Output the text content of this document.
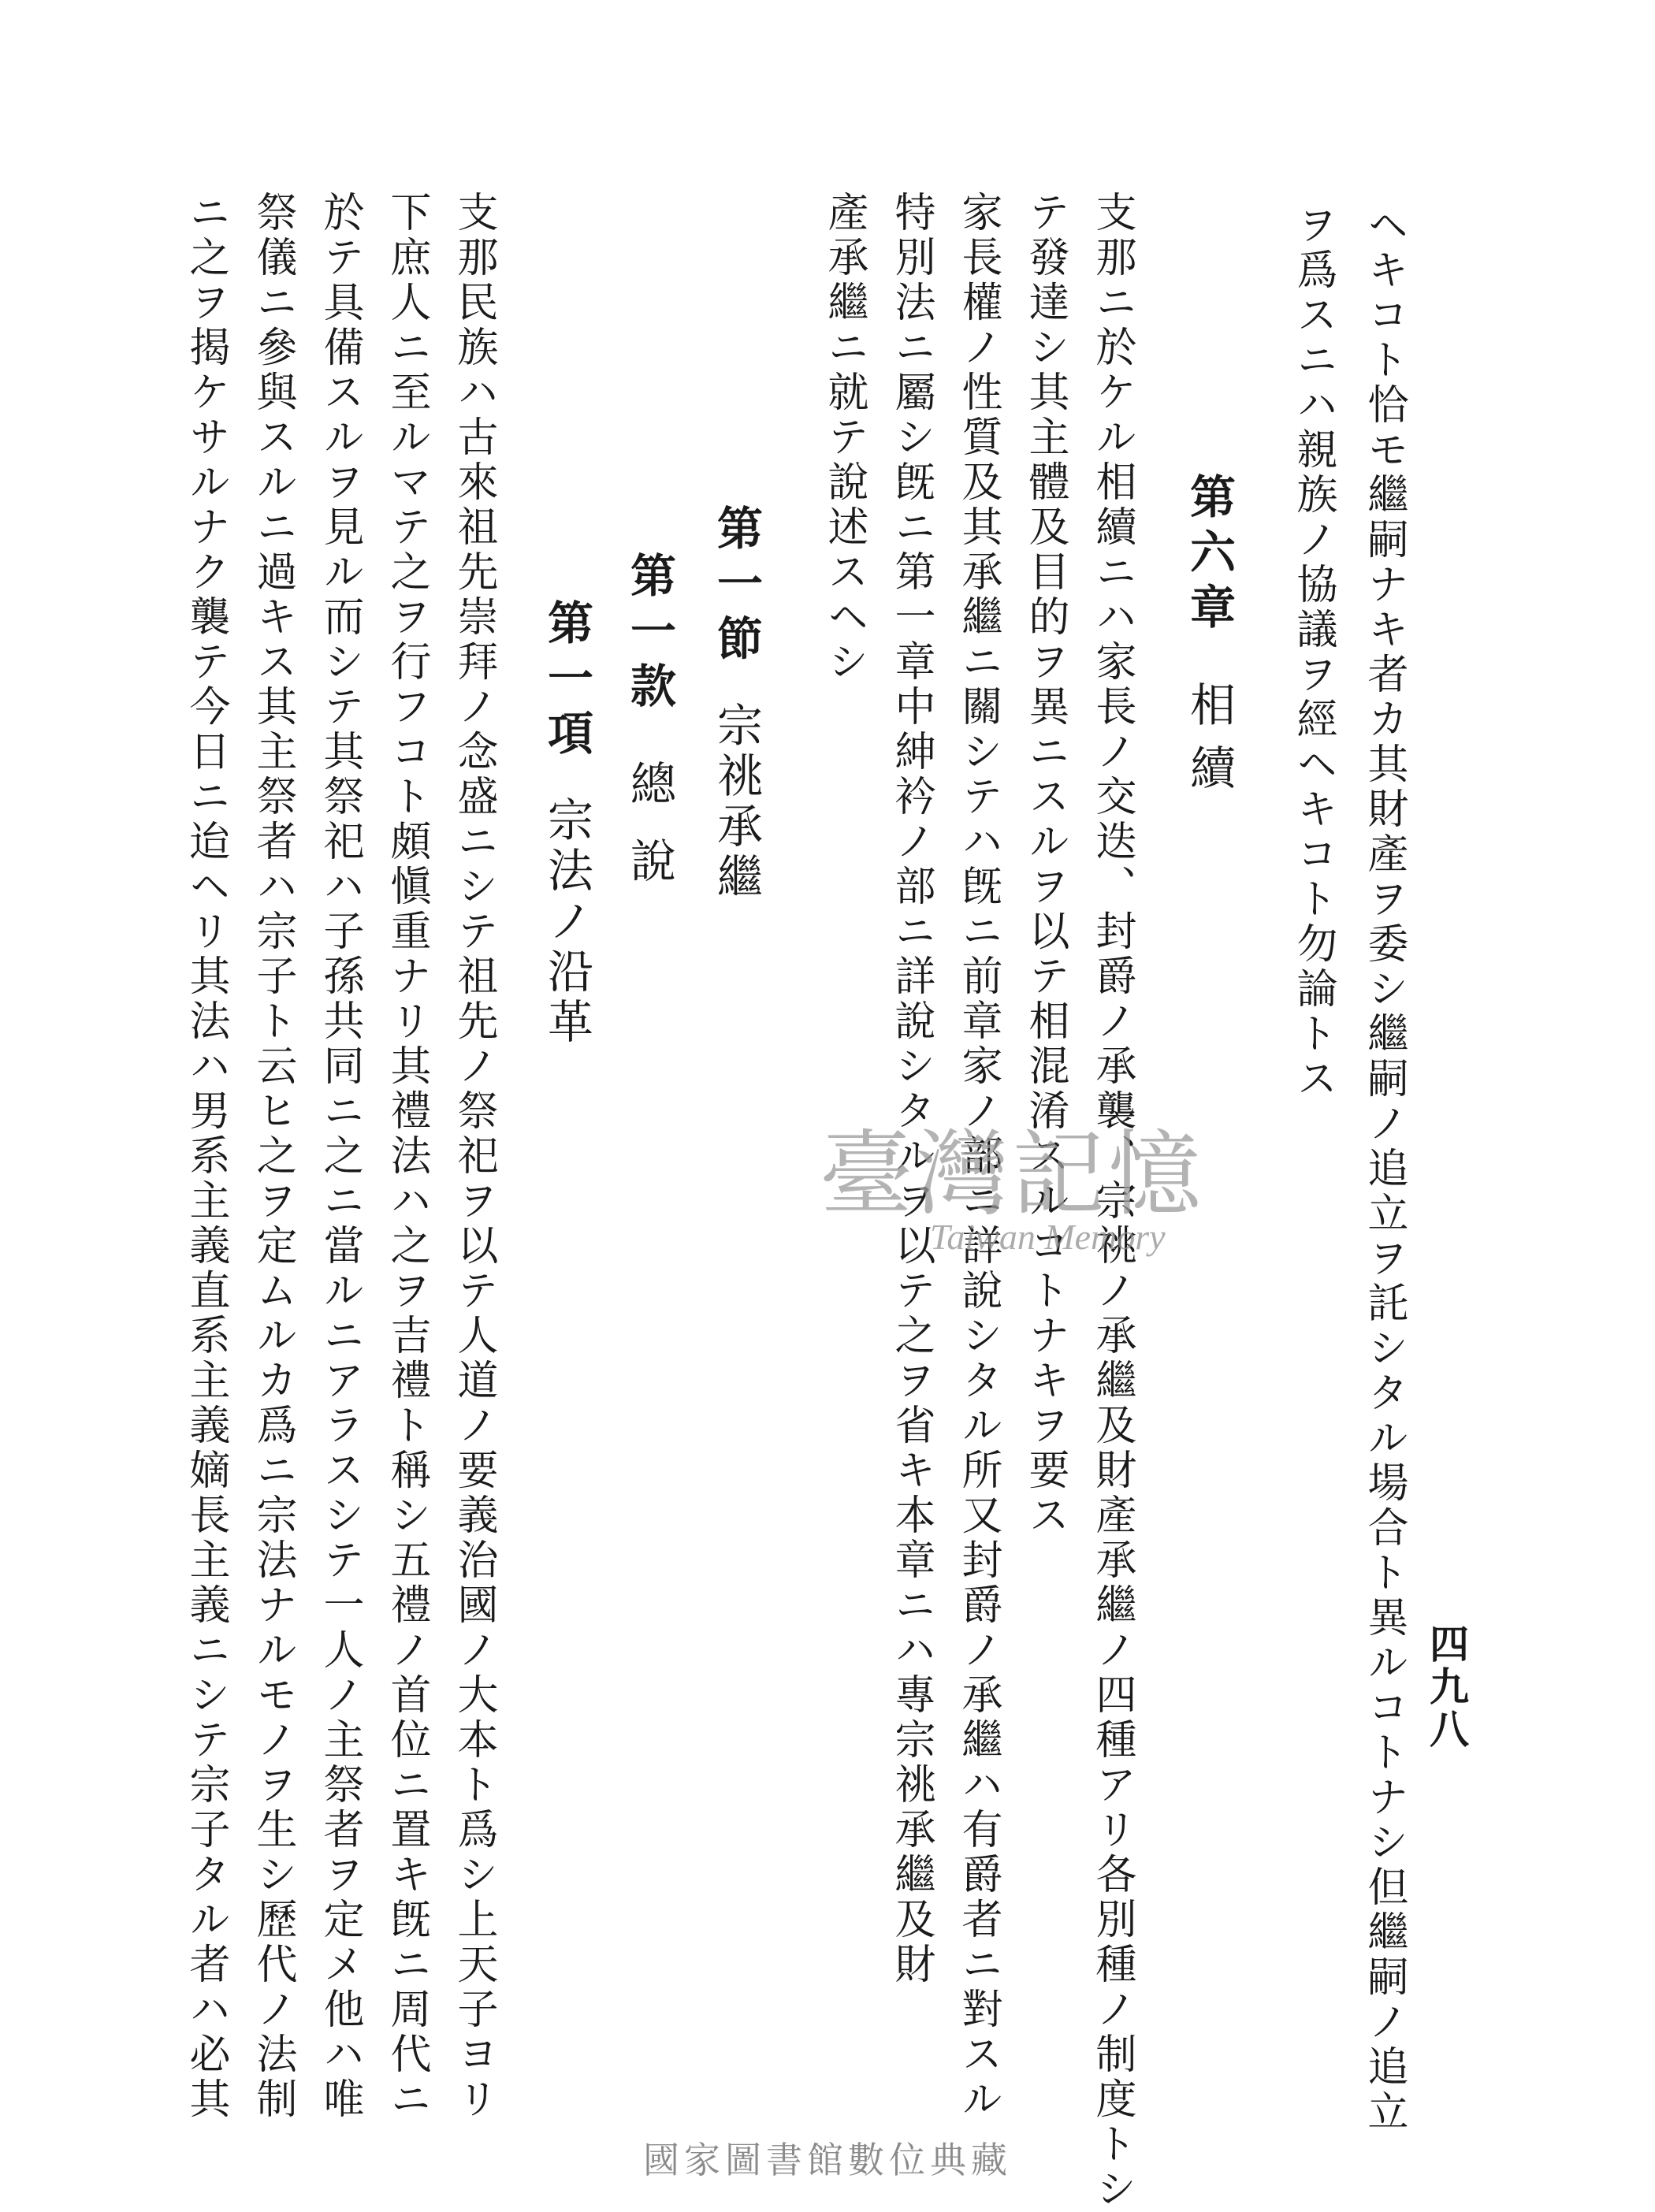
四九八
ヘキコト恰モ繼嗣ナキ者カ其財產ヲ委シ繼嗣ノ追立ヲ託シタル場合ト異ルコトナシ但繼嗣ノ追立
ヲ爲スニハ親族ノ協議ヲ經ヘキコト勿論トス
第六章相續
支那ニ於ケル相續ニハ家長ノ交迭、封爵ノ承襲、宗祧ノ承繼及財產承繼ノ四種アリ各別種ノ制度トシ
テ發達シ其主體及目的ヲ異ニスルヲ以テ相混淆スルコトナキヲ要ス
家長權ノ性質及其承繼ニ關シテハ旣ニ前章家ノ部ニ詳說シタル所又封爵ノ承繼ハ有爵者ニ對スル
特別法ニ屬シ旣ニ第一章中紳衿ノ部ニ詳說シタルヲ以テ之ヲ省キ本章ニハ專宗祧承繼及財
產承繼ニ就テ說述スヘシ
第一節宗祧承繼
第一款總說
第一項宗法ノ沿革
支那民族ハ古來祖先崇拜ノ念盛ニシテ祖先ノ祭祀ヲ以テ人道ノ要義治國ノ大本ト爲シ上天子ヨリ
下庶人ニ至ルマテ之ヲ行フコト頗愼重ナリ其禮法ハ之ヲ吉禮ト稱シ五禮ノ首位ニ置キ旣ニ周代ニ
於テ具備スルヲ見ル而シテ其祭祀ハ子孫共同ニ之ニ當ルニアラスシテ一人ノ主祭者ヲ定メ他ハ唯
祭儀ニ參與スルニ過キス其主祭者ハ宗子ト云ヒ之ヲ定ムルカ爲ニ宗法ナルモノヲ生シ歷代ノ法制
ニ之ヲ揭ケサルナク襲テ今日ニ迨ヘリ其法ハ男系主義直系主義嫡長主義ニシテ宗子タル者ハ必其	臺灣記憶
Taiwan Memory
國家圖書館數位典藏
